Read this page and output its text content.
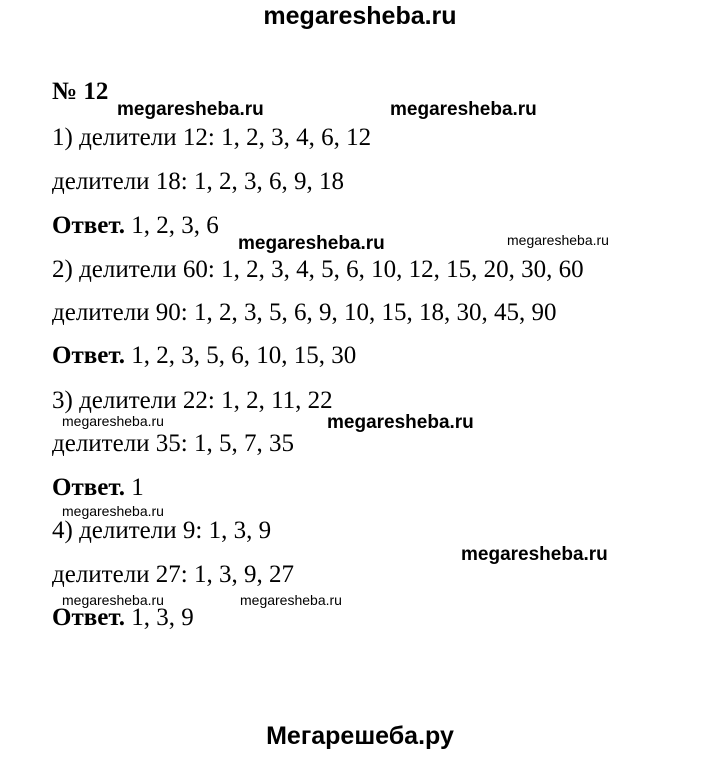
megaresheba.ru
№ 12
1) делители 12: 1, 2, 3, 4, 6, 12
делители 18: 1, 2, 3, 6, 9, 18
Ответ. 1, 2, 3, 6
2) делители 60: 1, 2, 3, 4, 5, 6, 10, 12, 15, 20, 30, 60
делители 90: 1, 2, 3, 5, 6, 9, 10, 15, 18, 30, 45, 90
Ответ. 1, 2, 3, 5, 6, 10, 15, 30
3) делители 22: 1, 2, 11, 22
делители 35: 1, 5, 7, 35
Ответ. 1
4) делители 9: 1, 3, 9
делители 27: 1, 3, 9, 27
Ответ. 1, 3, 9
megaresheba.ru	megaresheba.ru
megaresheba.ru	megaresheba.ru
megaresheba.ru
megaresheba.ru
megaresheba.ru
megaresheba.ru
megaresheba.ru	megaresheba.ru
Мегарешеба.ру
